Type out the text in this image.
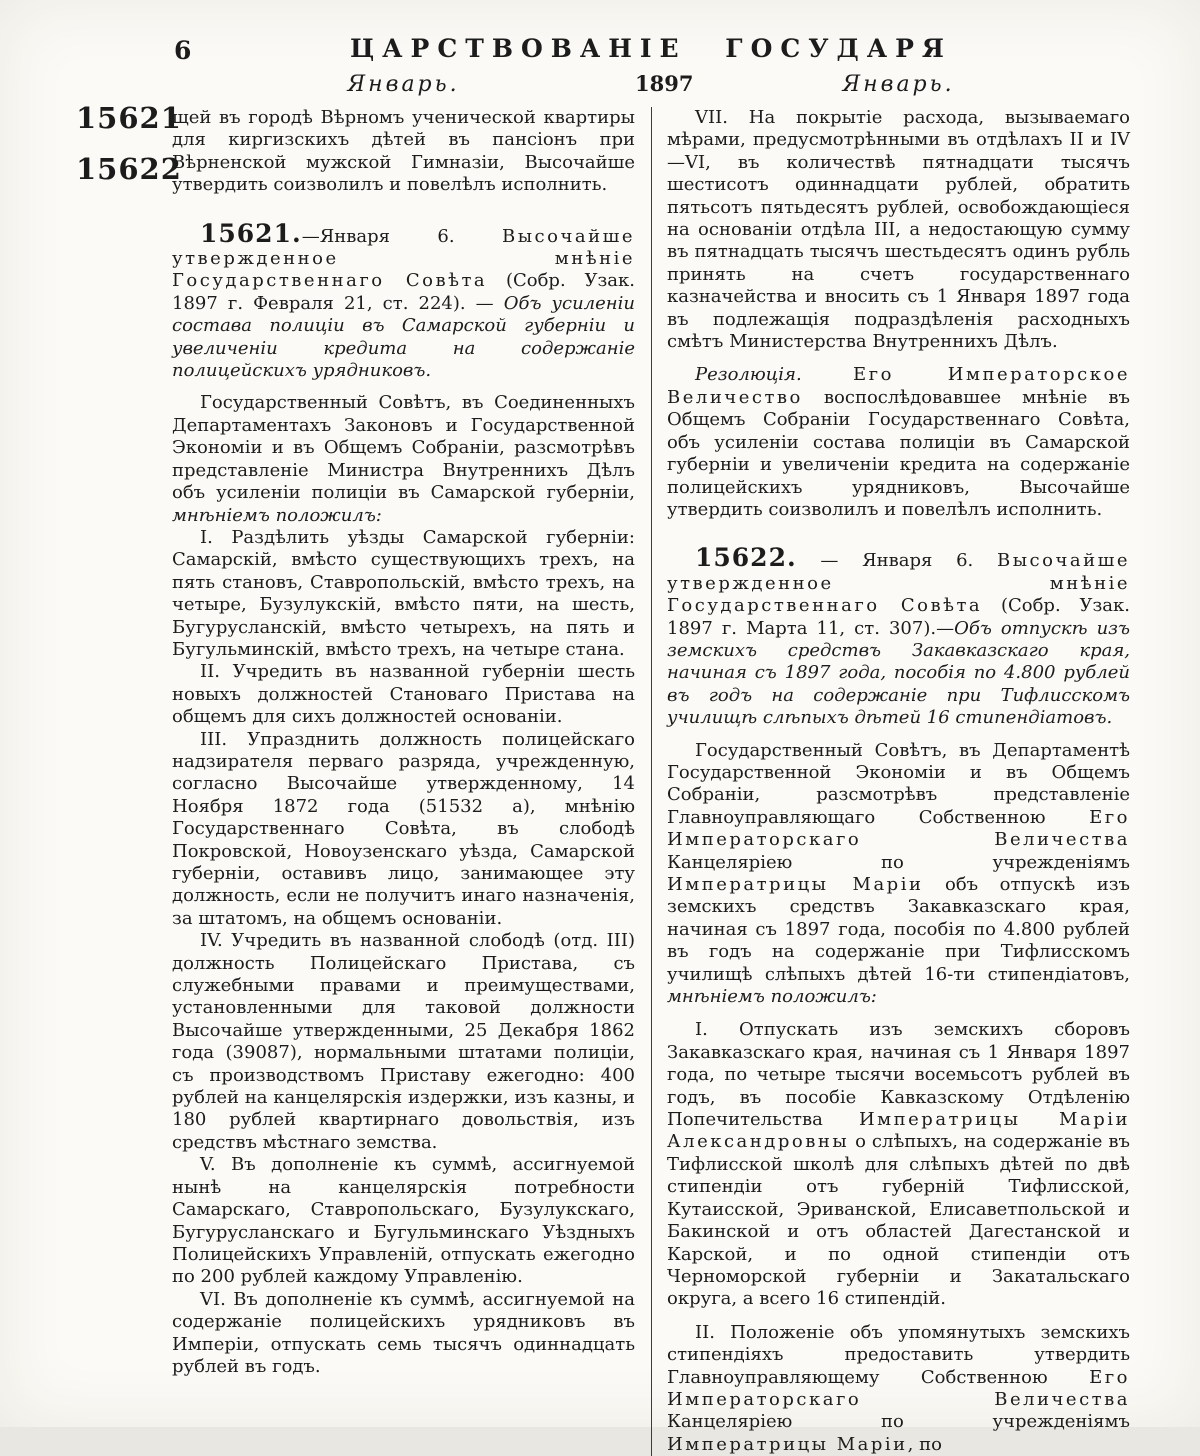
15621
15622
6	ЦАРСТВОВАНІЕ ГОСУДАРЯ
Январь.	1897	Январь.

щей въ городѣ Вѣрномъ ученической квартиры для киргизскихъ дѣтей въ пансіонъ при Вѣрненской мужской Гимназіи, Высочайше утвердить соизволилъ и повелѣлъ исполнить.

15621.—Января 6. Высочайше утвержденное мнѣніе Государственнаго Совѣта (Собр. Узак. 1897 г. Февраля 21, ст. 224). — Объ усиленіи состава полиціи въ Самарской губерніи и увеличеніи кредита на содержаніе полицейскихъ урядниковъ.

Государственный Совѣтъ, въ Соединенныхъ Департаментахъ Законовъ и Государственной Экономіи и въ Общемъ Собраніи, разсмотрѣвъ представленіе Министра Внутреннихъ Дѣлъ объ усиленіи полиціи въ Самарской губерніи, мнѣніемъ положилъ:

I. Раздѣлить уѣзды Самарской губерніи: Самарскій, вмѣсто существующихъ трехъ, на пять становъ, Ставропольскій, вмѣсто трехъ, на четыре, Бузулукскій, вмѣсто пяти, на шесть, Бугурусланскій, вмѣсто четырехъ, на пять и Бугульминскій, вмѣсто трехъ, на четыре стана.

II. Учредить въ названной губерніи шесть новыхъ должностей Становаго Пристава на общемъ для сихъ должностей основаніи.

III. Упразднить должность полицейскаго надзирателя перваго разряда, учрежденную, согласно Высочайше утвержденному, 14 Ноября 1872 года (51532 а), мнѣнію Государственнаго Совѣта, въ слободѣ Покровской, Новоузенскаго уѣзда, Самарской губерніи, оставивъ лицо, занимающее эту должность, если не получитъ инаго назначенія, за штатомъ, на общемъ основаніи.

IV. Учредить въ названной слободѣ (отд. III) должность Полицейскаго Пристава, съ служебными правами и преимуществами, установленными для таковой должности Высочайше утвержденными, 25 Декабря 1862 года (39087), нормальными штатами полиціи, съ производствомъ Приставу ежегодно: 400 рублей на канцелярскія издержки, изъ казны, и 180 рублей квартирнаго довольствія, изъ средствъ мѣстнаго земства.

V. Въ дополненіе къ суммѣ, ассигнуемой нынѣ на канцелярскія потребности Самарскаго, Ставропольскаго, Бузулукскаго, Бугурусланскаго и Бугульминскаго Уѣздныхъ Полицейскихъ Управленій, отпускать ежегодно по 200 рублей каждому Управленію.

VI. Въ дополненіе къ суммѣ, ассигнуемой на содержаніе полицейскихъ урядниковъ въ Имперіи, отпускать семь тысячъ одиннадцать рублей въ годъ.

VII. На покрытіе расхода, вызываемаго мѣрами, предусмотрѣнными въ отдѣлахъ II и IV—VI, въ количествѣ пятнадцати тысячъ шестисотъ одиннадцати рублей, обратить пятьсотъ пятьдесятъ рублей, освобождающіеся на основаніи отдѣла III, а недостающую сумму въ пятнадцать тысячъ шестьдесятъ одинъ рубль принять на счетъ государственнаго казначейства и вносить съ 1 Января 1897 года въ подлежащія подраздѣленія расходныхъ смѣтъ Министерства Внутреннихъ Дѣлъ.

Резолюція.	Его Императорское Величество воспослѣдовавшее мнѣніе въ Общемъ Собраніи Государственнаго Совѣта, объ усиленіи состава полиціи въ Самарской губерніи и увеличеніи кредита на содержаніе полицейскихъ урядниковъ, Высочайше утвердить соизволилъ и повелѣлъ исполнить.

15622. — Января 6. Высочайше утвержденное мнѣніе Государственнаго Совѣта (Собр. Узак. 1897 г. Марта 11, ст. 307).—Объ отпускѣ изъ земскихъ средствъ Закавказскаго края, начиная съ 1897 года, пособія по 4.800 рублей въ годъ на содержаніе при Тифлисскомъ училищѣ слѣпыхъ дѣтей 16 стипендіатовъ.

Государственный Совѣтъ, въ Департаментѣ Государственной Экономіи и въ Общемъ Собраніи, разсмотрѣвъ представленіе Главноуправляющаго Собственною Его Императорскаго Величества Канцеляріею по учрежденіямъ Императрицы Маріи объ отпускѣ изъ земскихъ средствъ Закавказскаго края, начиная съ 1897 года, пособія по 4.800 рублей въ годъ на содержаніе при Тифлисскомъ училищѣ слѣпыхъ дѣтей 16-ти стипендіатовъ, мнѣніемъ положилъ:

I. Отпускать изъ земскихъ сборовъ Закавказскаго края, начиная съ 1 Января 1897 года, по четыре тысячи восемьсотъ рублей въ годъ, въ пособіе Кавказскому Отдѣленію Попечительства Императрицы Маріи Александровны о слѣпыхъ, на содержаніе въ Тифлисской школѣ для слѣпыхъ дѣтей по двѣ стипендіи отъ губерній Тифлисской, Кутаисской, Эриванской, Елисаветпольской и Бакинской и отъ областей Дагестанской и Карской, и по одной стипендіи отъ Черноморской губерніи и Закатальскаго округа, а всего 16 стипендій.

II. Положеніе объ упомянутыхъ земскихъ стипендіяхъ предоставить утвердить Главноуправляющему Собственною Его Императорскаго Величества Канцеляріею по учрежденіямъ Императрицы Маріи, по
